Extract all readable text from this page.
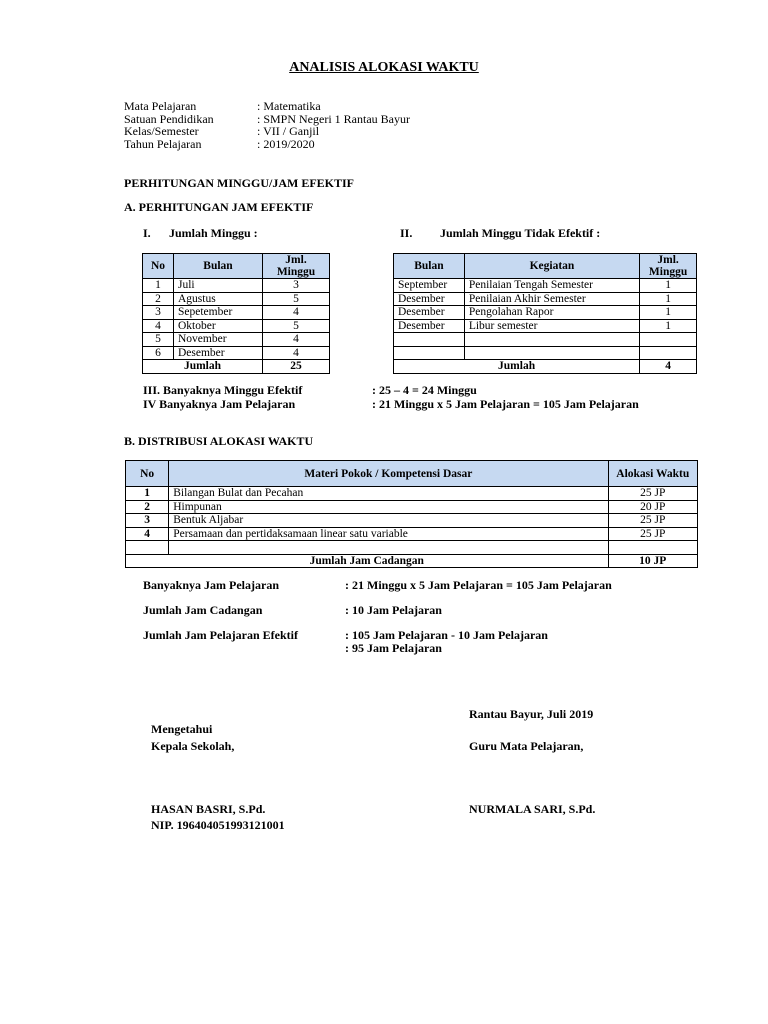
ANALISIS ALOKASI WAKTU
Mata Pelajaran	: Matematika
Satuan Pendidikan	: SMPN Negeri 1 Rantau Bayur
Kelas/Semester	: VII / Ganjil
Tahun Pelajaran	: 2019/2020
PERHITUNGAN MINGGU/JAM EFEKTIF
A. PERHITUNGAN JAM EFEKTIF
I. Jumlah Minggu :	II. Jumlah Minggu Tidak Efektif :
No	Bulan	Jml. Minggu
1	Juli	3
2	Agustus	5
3	Sepetember	4
4	Oktober	5
5	November	4
6	Desember	4
Jumlah		25
Bulan	Kegiatan	Jml. Minggu
September	Penilaian Tengah Semester	1
Desember	Penilaian Akhir Semester	1
Desember	Pengolahan Rapor	1
Desember	Libur semester	1

Jumlah		4
III. Banyaknya Minggu Efektif	: 25 – 4 = 24 Minggu
IV Banyaknya Jam Pelajaran	: 21 Minggu x 5 Jam Pelajaran = 105 Jam Pelajaran
B. DISTRIBUSI ALOKASI WAKTU
No	Materi Pokok / Kompetensi Dasar	Alokasi Waktu
1	Bilangan Bulat dan Pecahan	25 JP
2	Himpunan	20 JP
3	Bentuk Aljabar	25 JP
4	Persamaan dan pertidaksamaan linear satu variable	25 JP

Jumlah Jam Cadangan		10 JP
Banyaknya Jam Pelajaran	: 21 Minggu x 5 Jam Pelajaran = 105 Jam Pelajaran
Jumlah Jam Cadangan	: 10 Jam Pelajaran
Jumlah Jam Pelajaran Efektif	: 105 Jam Pelajaran - 10 Jam Pelajaran
: 95 Jam Pelajaran
Rantau Bayur, Juli 2019
Mengetahui
Kepala Sekolah,	Guru Mata Pelajaran,
HASAN BASRI, S.Pd.	NURMALA SARI, S.Pd.
NIP. 196404051993121001
